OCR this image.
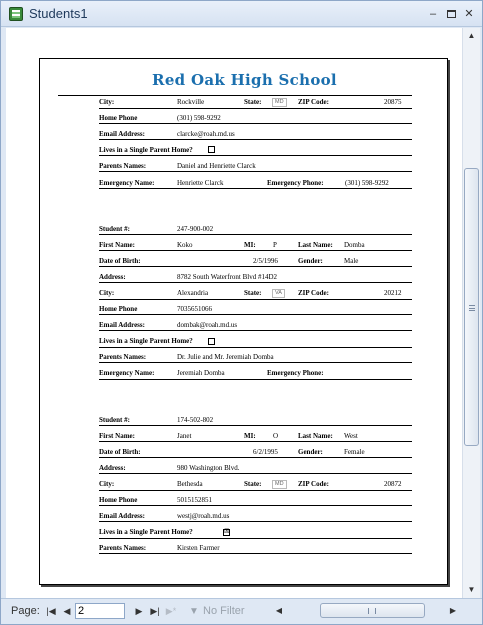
Students1	–	✕
Red Oak High School
City:	Rockville	State:	MD	ZIP Code:	20875
Home Phone	(301) 598-9292
Email Address:	clarcke@roah.md.us
Lives in a Single Parent Home?
Parents Names:	Daniel and Henriette Clarck
Emergency Name:	Henriette Clarck	Emergency Phone:	(301) 598-9292
Student #:	247-900-002
First Name:	Koko	MI: P	Last Name: Domba
Date of Birth:	2/5/1996	Gender:	Male
Address:	8782 South Waterfront Blvd #14D2
City:	Alexandria	State:	VA	ZIP Code:	20212
Home Phone	7035651066
Email Address:	dombak@roah.md.us
Lives in a Single Parent Home?
Parents Names:	Dr. Julie and Mr. Jeremiah Domba
Emergency Name:	Jeremiah Domba	Emergency Phone:
Student #:	174-502-802
First Name:	Janet	MI: O	Last Name: West
Date of Birth:	6/2/1995	Gender:	Female
Address:	980 Washington Blvd.
City:	Bethesda	State:	MD	ZIP Code:	20872
Home Phone	5015152851
Email Address:	westj@roah.md.us
Lives in a Single Parent Home?	☒
Parents Names:	Kirsten Farmer
▲
▼
Page: |◀ ◀ 2	▶ ▶| ▶* ▼ No Filter	◀	▶
